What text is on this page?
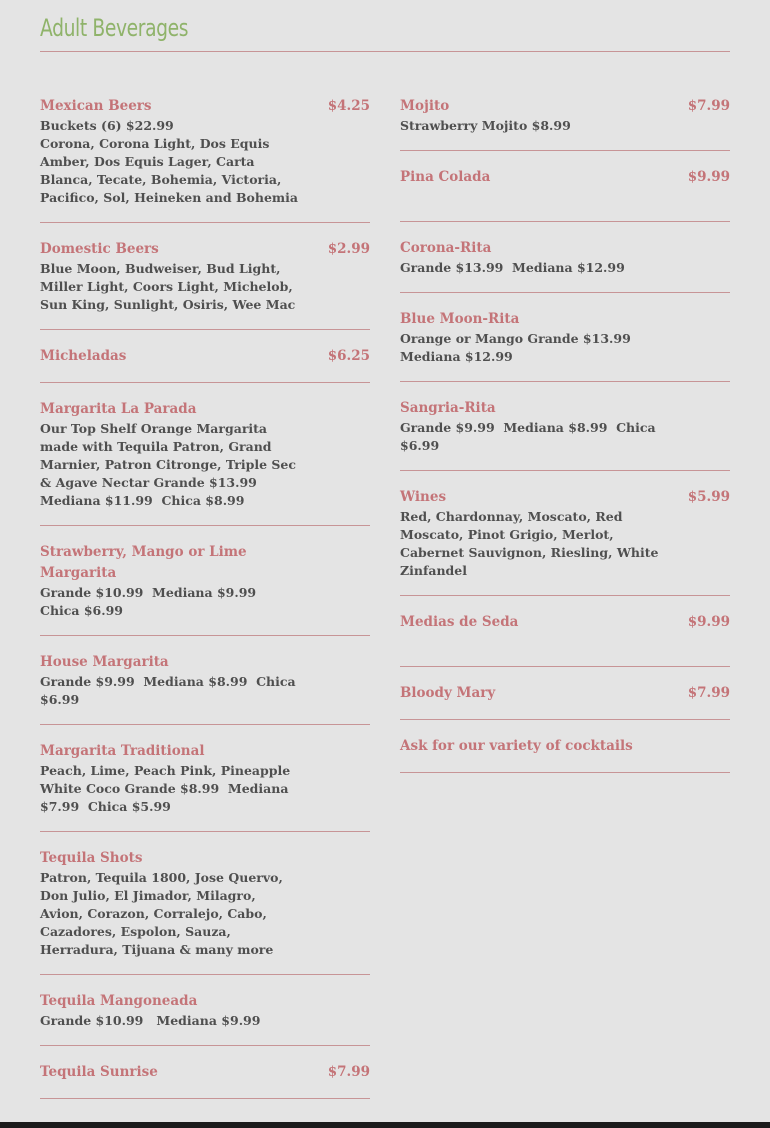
Adult Beverages
Mexican Beers	$4.25
Buckets (6) $22.99
Corona, Corona Light, Dos Equis Amber, Dos Equis Lager, Carta Blanca, Tecate, Bohemia, Victoria, Pacifico, Sol, Heineken and Bohemia
Domestic Beers	$2.99
Blue Moon, Budweiser, Bud Light, Miller Light, Coors Light, Michelob, Sun King, Sunlight, Osiris, Wee Mac
Micheladas	$6.25
Margarita La Parada
Our Top Shelf Orange Margarita made with Tequila Patron, Grand Marnier, Patron Citronge, Triple Sec & Agave Nectar Grande $13.99  Mediana $11.99  Chica $8.99
Strawberry, Mango or Lime Margarita
Grande $10.99  Mediana $9.99  Chica $6.99
House Margarita
Grande $9.99  Mediana $8.99  Chica $6.99
Margarita Traditional
Peach, Lime, Peach Pink, Pineapple White Coco Grande $8.99  Mediana $7.99  Chica $5.99
Tequila Shots
Patron, Tequila 1800, Jose Quervo, Don Julio, El Jimador, Milagro, Avion, Corazon, Corralejo, Cabo, Cazadores, Espolon, Sauza, Herradura, Tijuana & many more
Tequila Mangoneada
Grande $10.99   Mediana $9.99
Tequila Sunrise	$7.99
Mojito	$7.99
Strawberry Mojito $8.99
Pina Colada	$9.99
Corona-Rita
Grande $13.99  Mediana $12.99
Blue Moon-Rita
Orange or Mango Grande $13.99  Mediana $12.99
Sangria-Rita
Grande $9.99  Mediana $8.99  Chica $6.99
Wines	$5.99
Red, Chardonnay, Moscato, Red Moscato, Pinot Grigio, Merlot, Cabernet Sauvignon, Riesling, White Zinfandel
Medias de Seda	$9.99
Bloody Mary	$7.99
Ask for our variety of cocktails
